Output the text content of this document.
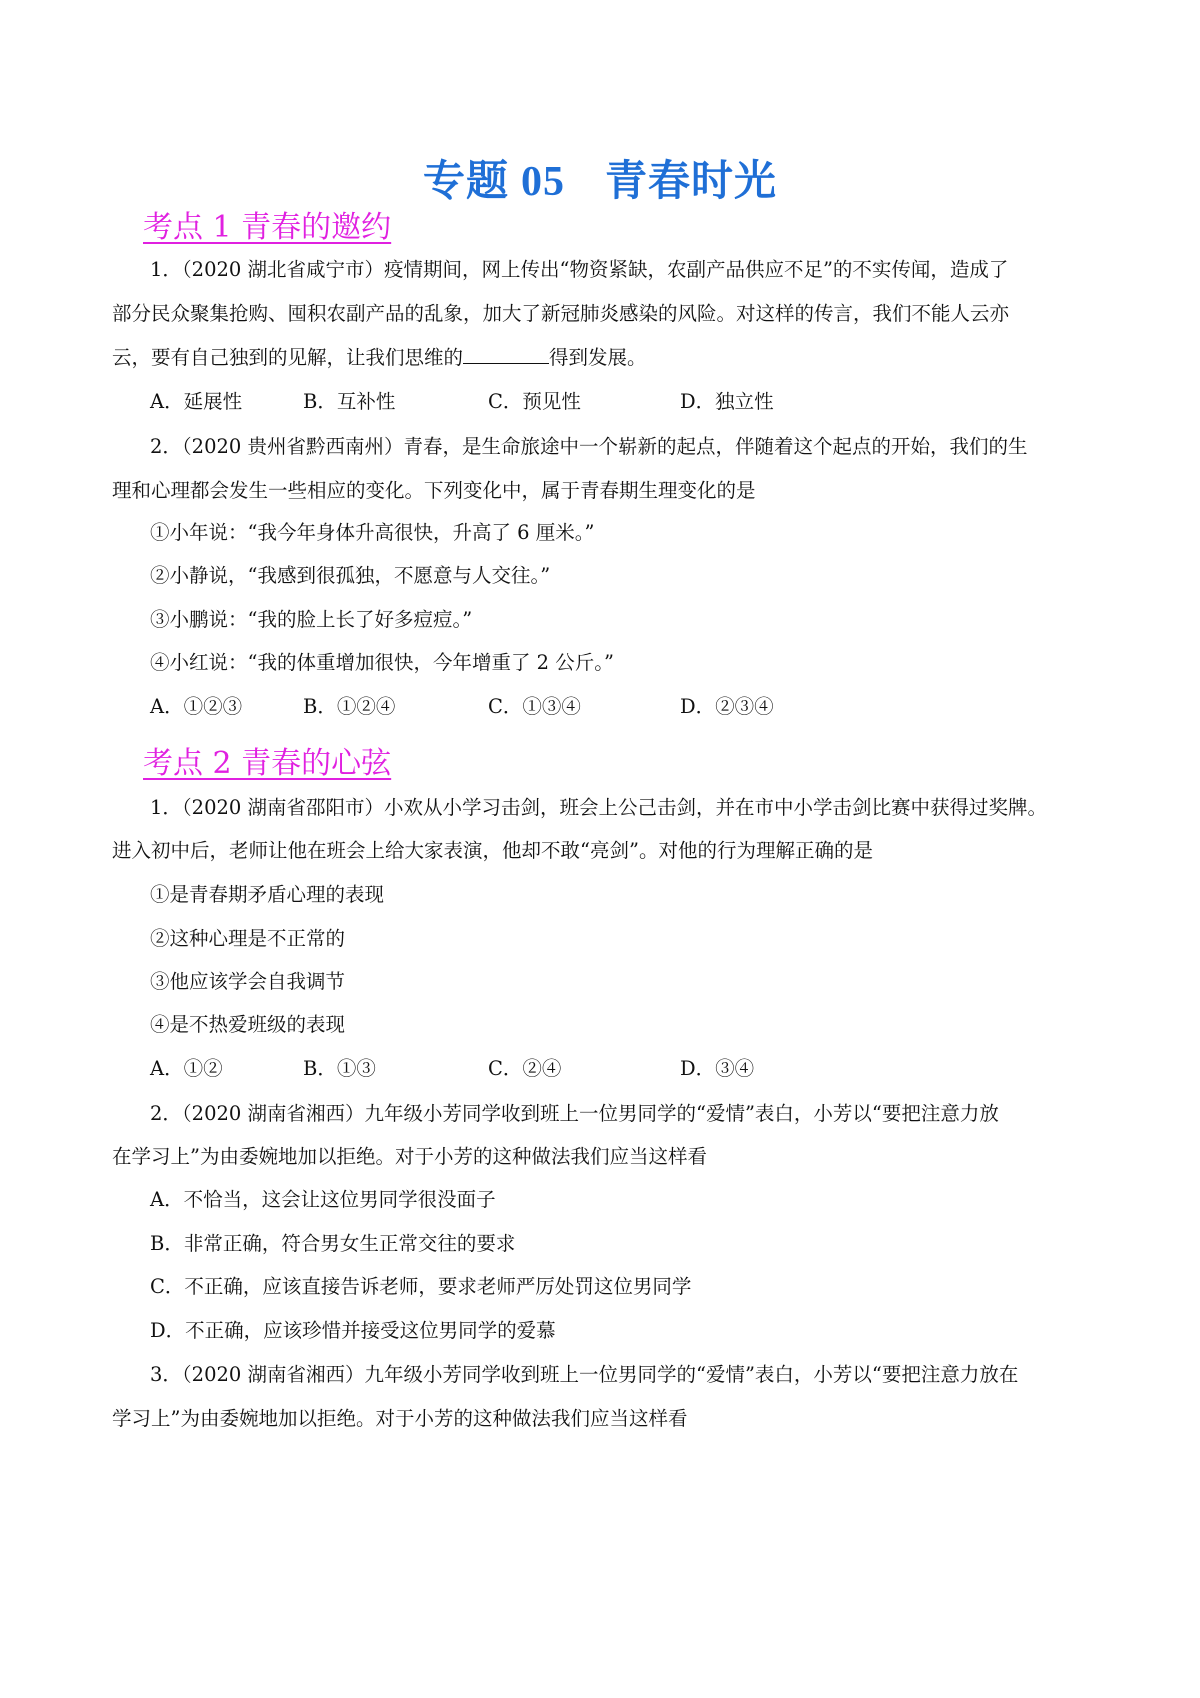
专题 05 青春时光
考点 1 青春的邀约
1．（2020 湖北省咸宁市）疫情期间，网上传出“物资紧缺，农副产品供应不足”的不实传闻，造成了
部分民众聚集抢购、囤积农副产品的乱象，加大了新冠肺炎感染的风险。对这样的传言，我们不能人云亦
云，要有自己独到的见解，让我们思维的	得到发展。
A．延展性	B．互补性	C．预见性	D．独立性
2．（2020 贵州省黔西南州）青春，是生命旅途中一个崭新的起点，伴随着这个起点的开始，我们的生
理和心理都会发生一些相应的变化。下列变化中，属于青春期生理变化的是
①小年说：“我今年身体升高很快，升高了 6 厘米。”
②小静说，“我感到很孤独，不愿意与人交往。”
③小鹏说：“我的脸上长了好多痘痘。”
④小红说：“我的体重增加很快，今年增重了 2 公斤。”
A．①②③	B．①②④	C．①③④	D．②③④
考点 2 青春的心弦
1．（2020 湖南省邵阳市）小欢从小学习击剑，班会上公己击剑，并在市中小学击剑比赛中获得过奖牌。
进入初中后，老师让他在班会上给大家表演，他却不敢“亮剑”。对他的行为理解正确的是
①是青春期矛盾心理的表现
②这种心理是不正常的
③他应该学会自我调节
④是不热爱班级的表现
A．①②	B．①③	C．②④	D．③④
2．（2020 湖南省湘西）九年级小芳同学收到班上一位男同学的“爱情”表白，小芳以“要把注意力放
在学习上”为由委婉地加以拒绝。对于小芳的这种做法我们应当这样看
A．不恰当，这会让这位男同学很没面子
B．非常正确，符合男女生正常交往的要求
C．不正确，应该直接告诉老师，要求老师严厉处罚这位男同学
D．不正确，应该珍惜并接受这位男同学的爱慕
3．（2020 湖南省湘西）九年级小芳同学收到班上一位男同学的“爱情”表白，小芳以“要把注意力放在
学习上”为由委婉地加以拒绝。对于小芳的这种做法我们应当这样看
